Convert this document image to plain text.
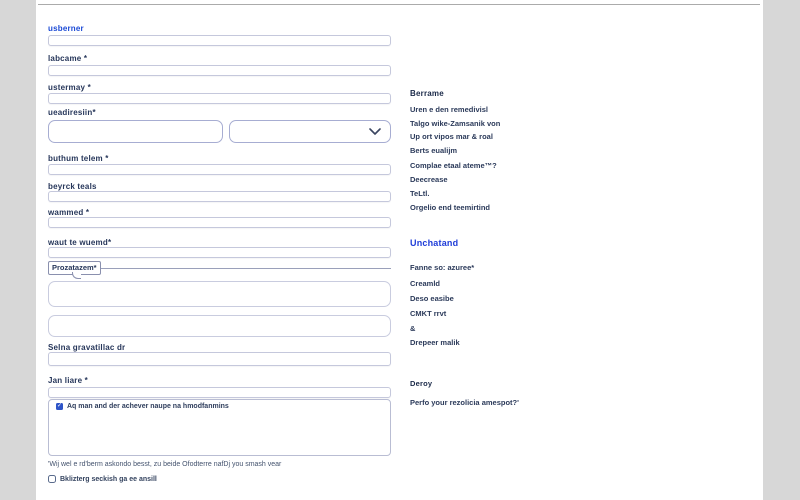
usberner
labcame *
ustermay *
ueadiresiin*
buthum telem *
beyrck teals
wammed *
waut te wuemd*
Prozatazem*
Selna gravatillac dr
Jan liare *
✓ Aq man and der achever naupe na hmodfanmins
'Wij wel e rd'berm askondo besst, zu beide Ofodterre nafDj you smash vear
Bklizterg seckish ga ee ansill
Berrame
Uren e den remedivisl
Talgo wike-Zamsanik von
Up ort vipos mar & roal
Berts eualijm
Complae etaal ateme™?
Deecrease
TeLtl.
Orgelio end teemirtind
Unchatand
Fanne so: azuree*
Creamld
Deso easibe
CMKT rrvt
&
Drepeer malik
Deroy
Perfo your rezolicia amespot?'
